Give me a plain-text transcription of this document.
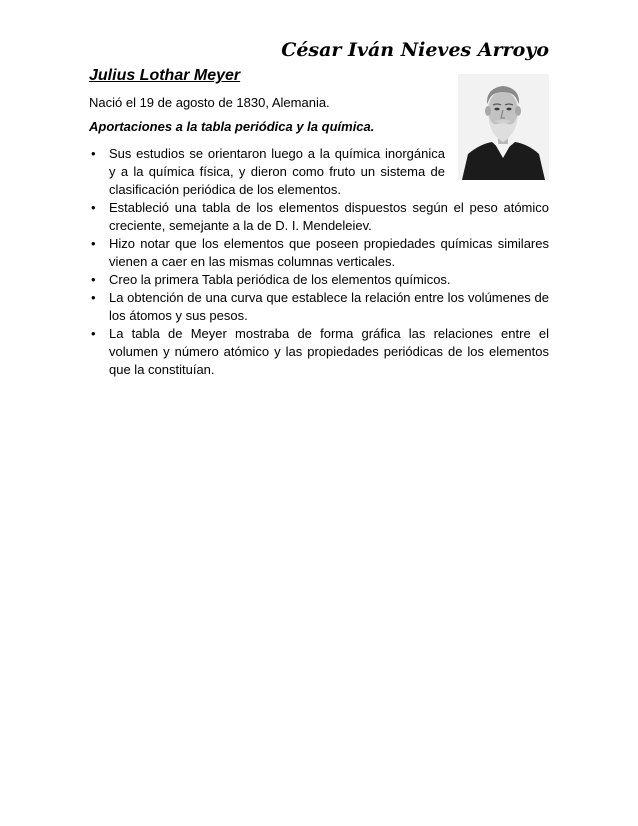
César Iván Nieves Arroyo
Julius Lothar Meyer
Nació el 19 de agosto de 1830, Alemania.
Aportaciones a la tabla periódica y la química.
• Sus estudios se orientaron luego a la química inorgánica y a la química física, y dieron como fruto un sistema de clasificación periódica de los elementos.
• Estableció una tabla de los elementos dispuestos según el peso atómico creciente, semejante a la de D. I. Mendeleiev.
• Hizo notar que los elementos que poseen propiedades químicas similares vienen a caer en las mismas columnas verticales.
• Creo la primera Tabla periódica de los elementos químicos.
• La obtención de una curva que establece la relación entre los volúmenes de los átomos y sus pesos.
• La tabla de Meyer mostraba de forma gráfica las relaciones entre el volumen y número atómico y las propiedades periódicas de los elementos que la constituían.
